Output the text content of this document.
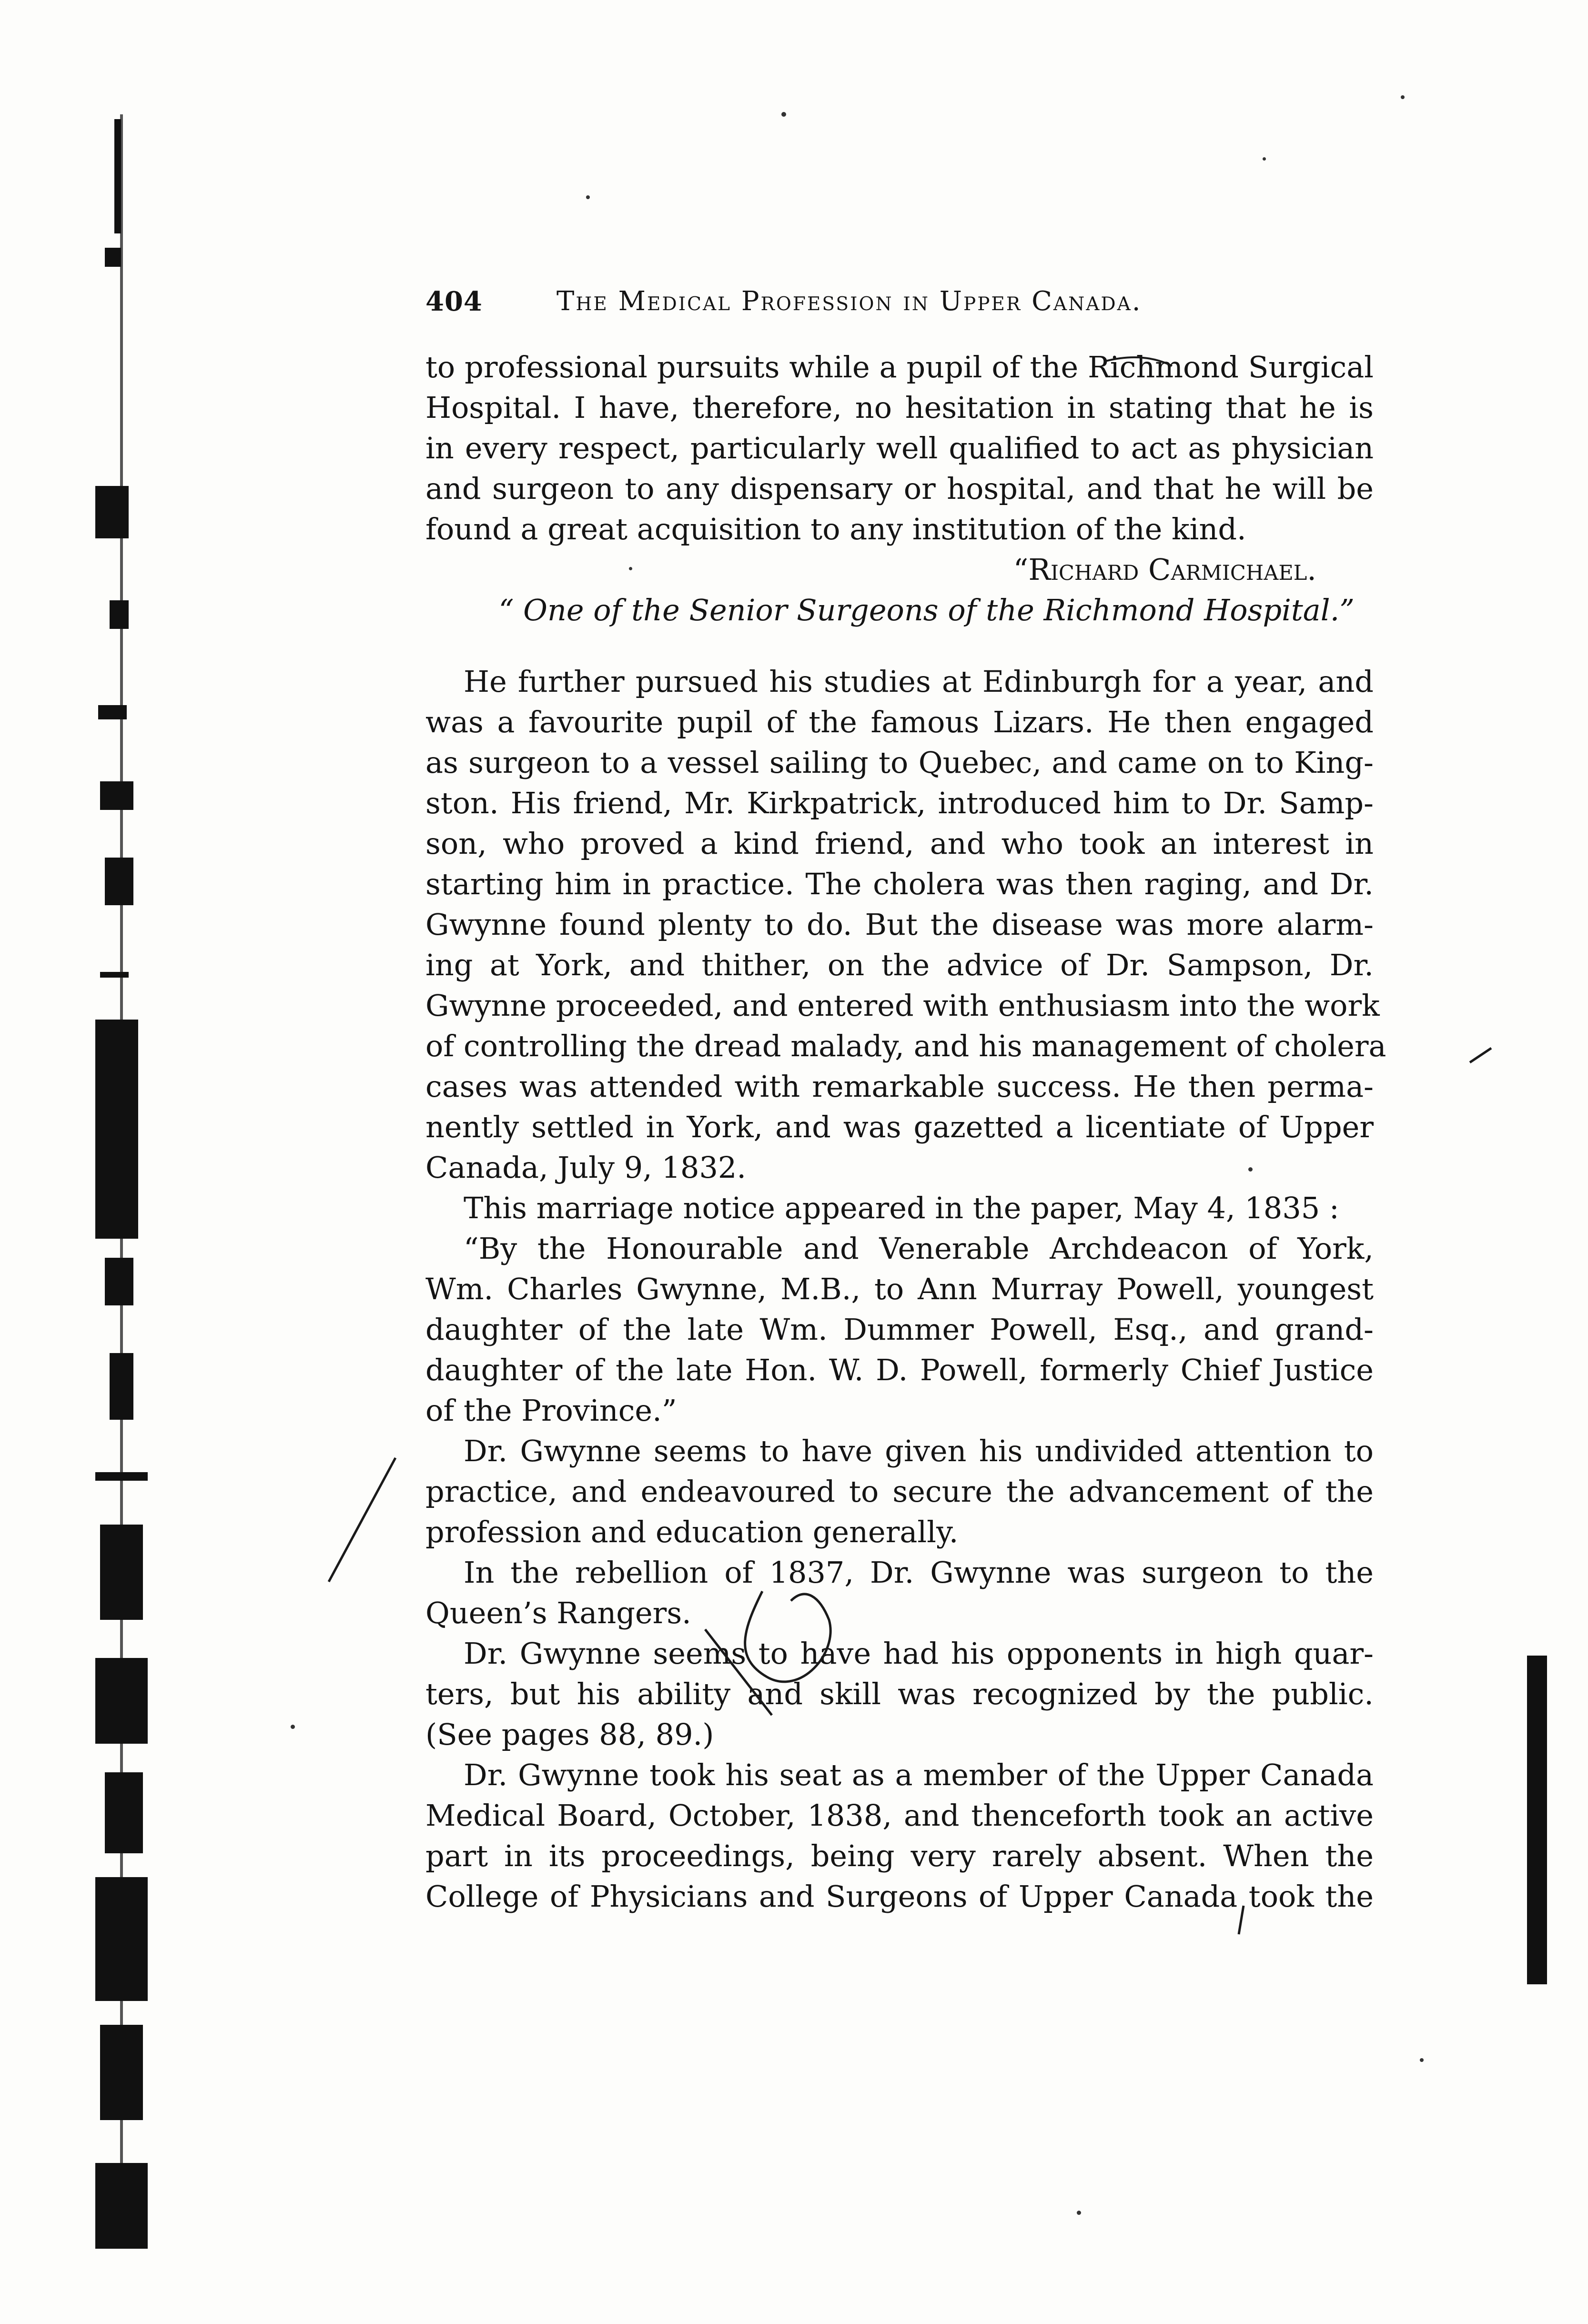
404	The Medical Profession in Upper Canada.
to professional pursuits while a pupil of the Richmond Surgical
Hospital. I have, therefore, no hesitation in stating that he is
in every respect, particularly well qualified to act as physician
and surgeon to any dispensary or hospital, and that he will be
found a great acquisition to any institution of the kind.
“Richard Carmichael.
“ One of the Senior Surgeons of the Richmond Hospital.”
He further pursued his studies at Edinburgh for a year, and
was a favourite pupil of the famous Lizars. He then engaged
as surgeon to a vessel sailing to Quebec, and came on to King-
ston. His friend, Mr. Kirkpatrick, introduced him to Dr. Samp-
son, who proved a kind friend, and who took an interest in
starting him in practice. The cholera was then raging, and Dr.
Gwynne found plenty to do. But the disease was more alarm-
ing at York, and thither, on the advice of Dr. Sampson, Dr.
Gwynne proceeded, and entered with enthusiasm into the work
of controlling the dread malady, and his management of cholera
cases was attended with remarkable success. He then perma-
nently settled in York, and was gazetted a licentiate of Upper
Canada, July 9, 1832.
This marriage notice appeared in the paper, May 4, 1835 :
“By the Honourable and Venerable Archdeacon of York,
Wm. Charles Gwynne, M.B., to Ann Murray Powell, youngest
daughter of the late Wm. Dummer Powell, Esq., and grand-
daughter of the late Hon. W. D. Powell, formerly Chief Justice
of the Province.”
Dr. Gwynne seems to have given his undivided attention to
practice, and endeavoured to secure the advancement of the
profession and education generally.
In the rebellion of 1837, Dr. Gwynne was surgeon to the
Queen’s Rangers.
Dr. Gwynne seems to have had his opponents in high quar-
ters, but his ability and skill was recognized by the public.
(See pages 88, 89.)
Dr. Gwynne took his seat as a member of the Upper Canada
Medical Board, October, 1838, and thenceforth took an active
part in its proceedings, being very rarely absent. When the
College of Physicians and Surgeons of Upper Canada took the
